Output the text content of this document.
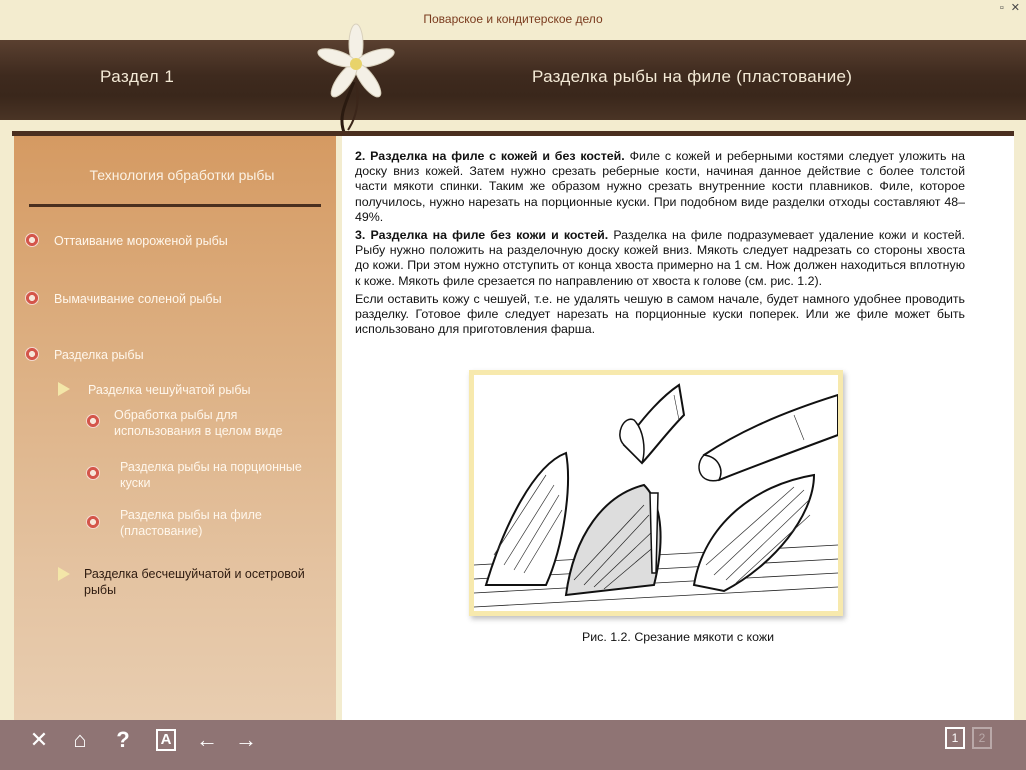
Поварское и кондитерское дело
▫ ✕
Раздел 1	Разделка рыбы на филе (пластование)
Технология обработки рыбы
Оттаивание мороженой рыбы
Вымачивание соленой рыбы
Разделка рыбы
Разделка чешуйчатой рыбы
Обработка рыбы для использования в целом виде
Разделка рыбы на порционные куски
Разделка рыбы на филе (пластование)
Разделка бесчешуйчатой и осетровой рыбы

2. Разделка на филе с кожей и без костей. Филе с кожей и реберными костями следует уложить на доску вниз кожей. Затем нужно срезать реберные кости, начиная данное действие с более толстой части мякоти спинки. Таким же образом нужно срезать внутренние кости плавников. Филе, которое получилось, нужно нарезать на порционные куски. При подобном виде разделки отходы составляют 48–49%.

3. Разделка на филе без кожи и костей. Разделка на филе подразумевает удаление кожи и костей. Рыбу нужно положить на разделочную доску кожей вниз. Мякоть следует надрезать со стороны хвоста до кожи. При этом нужно отступить от конца хвоста примерно на 1 см. Нож должен находиться вплотную к коже. Мякоть филе срезается по направлению от хвоста к голове (см. рис. 1.2).

Если оставить кожу с чешуей, т.е. не удалять чешую в самом начале, будет намного удобнее проводить разделку. Готовое филе следует нарезать на порционные куски поперек. Или же филе может быть использовано для приготовления фарша.

Рис. 1.2. Срезание мякоти с кожи
✕	⌂	?	A	← →	1	2
